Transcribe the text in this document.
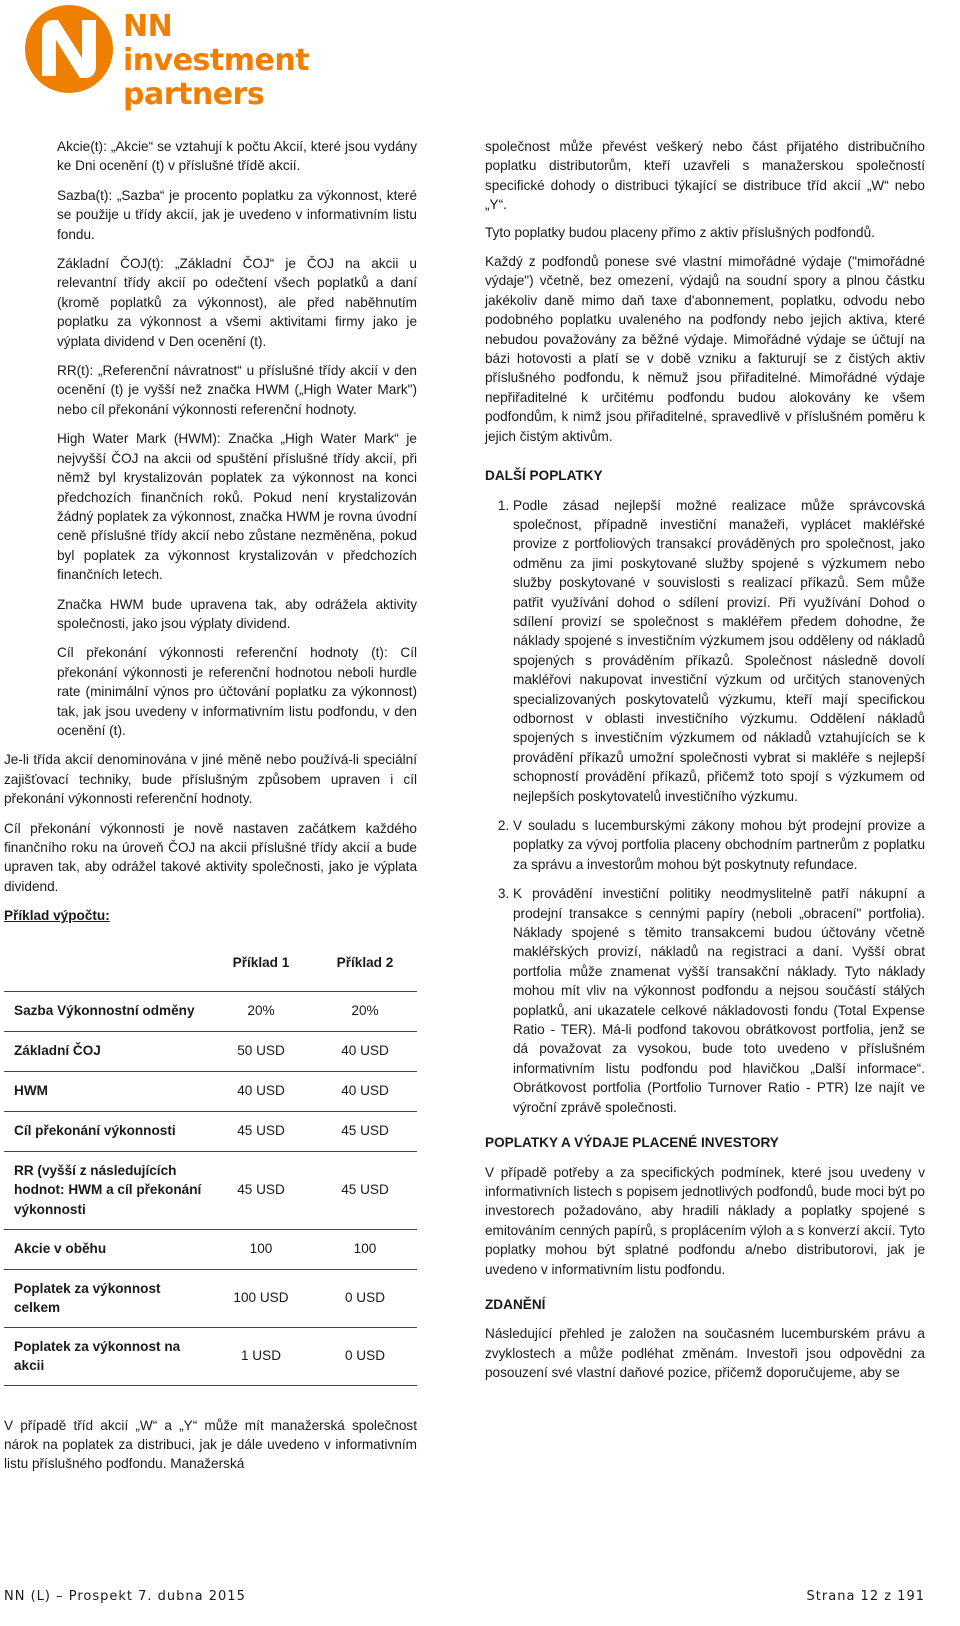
NN investment
partners

Akcie(t): „Akcie“ se vztahují k počtu Akcií, které jsou vydány ke Dni ocenění (t) v příslušné třídě akcií.

Sazba(t): „Sazba“ je procento poplatku za výkonnost, které se použije u třídy akcií, jak je uvedeno v informativním listu fondu.

Základní ČOJ(t): „Základní ČOJ“ je ČOJ na akcii u relevantní třídy akcií po odečtení všech poplatků a daní (kromě poplatků za výkonnost), ale před naběhnutím poplatku za výkonnost a všemi aktivitami firmy jako je výplata dividend v Den ocenění (t).

RR(t): „Referenční návratnost“ u příslušné třídy akcií v den ocenění (t) je vyšší než značka HWM („High Water Mark") nebo cíl překonání výkonnosti referenční hodnoty.

High Water Mark (HWM): Značka „High Water Mark“ je nejvyšší ČOJ na akcii od spuštění příslušné třídy akcií, při němž byl krystalizován poplatek za výkonnost na konci předchozích finančních roků. Pokud není krystalizován žádný poplatek za výkonnost, značka HWM je rovna úvodní ceně příslušné třídy akcií nebo zůstane nezměněna, pokud byl poplatek za výkonnost krystalizován v předchozích finančních letech.

Značka HWM bude upravena tak, aby odrážela aktivity společnosti, jako jsou výplaty dividend.

Cíl překonání výkonnosti referenční hodnoty (t): Cíl překonání výkonnosti je referenční hodnotou neboli hurdle rate (minimální výnos pro účtování poplatku za výkonnost) tak, jak jsou uvedeny v informativním listu podfondu, v den ocenění (t).

Je-li třída akcií denominována v jiné měně nebo používá-li speciální zajišťovací techniky, bude příslušným způsobem upraven i cíl překonání výkonnosti referenční hodnoty.

Cíl překonání výkonnosti je nově nastaven začátkem každého finančního roku na úroveň ČOJ na akcii příslušné třídy akcií a bude upraven tak, aby odrážel takové aktivity společnosti, jako je výplata dividend.

Příklad výpočtu:

	Příklad 1	Příklad 2
Sazba Výkonnostní odměny	20%	20%
Základní ČOJ	50 USD	40 USD
HWM	40 USD	40 USD
Cíl překonání výkonnosti	45 USD	45 USD
RR (vyšší z následujících hodnot: HWM a cíl překonání výkonnosti	45 USD	45 USD
Akcie v oběhu	100	100
Poplatek za výkonnost celkem	100 USD	0 USD
Poplatek za výkonnost na akcii	1 USD	0 USD

V případě tříd akcií „W“ a „Y“ může mít manažerská společnost nárok na poplatek za distribuci, jak je dále uvedeno v informativním listu příslušného podfondu. Manažerská

společnost může převést veškerý nebo část přijatého distribučního poplatku distributorům, kteří uzavřeli s manažerskou společností specifické dohody o distribuci týkající se distribuce tříd akcií „W“ nebo „Y“.

Tyto poplatky budou placeny přímo z aktiv příslušných podfondů.

Každý z podfondů ponese své vlastní mimořádné výdaje ("mimořádné výdaje") včetně, bez omezení, výdajů na soudní spory a plnou částku jakékoliv daně mimo daň taxe d'abonnement, poplatku, odvodu nebo podobného poplatku uvaleného na podfondy nebo jejich aktiva, které nebudou považovány za běžné výdaje. Mimořádné výdaje se účtují na bázi hotovosti a platí se v době vzniku a fakturují se z čistých aktiv příslušného podfondu, k němuž jsou přiřaditelné. Mimořádné výdaje nepřiřaditelné k určitému podfondu budou alokovány ke všem podfondům, k nimž jsou přiřaditelné, spravedlivě v příslušném poměru k jejich čistým aktivům.

DALŠÍ POPLATKY

1. Podle zásad nejlepší možné realizace může správcovská společnost, případně investiční manažeři, vyplácet makléřské provize z portfoliových transakcí prováděných pro společnost, jako odměnu za jimi poskytované služby spojené s výzkumem nebo služby poskytované v souvislosti s realizací příkazů. Sem může patřit využívání dohod o sdílení provizí. Při využívání Dohod o sdílení provizí se společnost s makléřem předem dohodne, že náklady spojené s investičním výzkumem jsou odděleny od nákladů spojených s prováděním příkazů. Společnost následně dovolí makléřovi nakupovat investiční výzkum od určitých stanovených specializovaných poskytovatelů výzkumu, kteří mají specifickou odbornost v oblasti investičního výzkumu. Oddělení nákladů spojených s investičním výzkumem od nákladů vztahujících se k provádění příkazů umožní společnosti vybrat si makléře s nejlepší schopností provádění příkazů, přičemž toto spojí s výzkumem od nejlepších poskytovatelů investičního výzkumu.
2. V souladu s lucemburskými zákony mohou být prodejní provize a poplatky za vývoj portfolia placeny obchodním partnerům z poplatku za správu a investorům mohou být poskytnuty refundace.
3. K provádění investiční politiky neodmyslitelně patří nákupní a prodejní transakce s cennými papíry (neboli „obracení" portfolia). Náklady spojené s těmito transakcemi budou účtovány včetně makléřských provizí, nákladů na registraci a daní. Vyšší obrat portfolia může znamenat vyšší transakční náklady. Tyto náklady mohou mít vliv na výkonnost podfondu a nejsou součástí stálých poplatků, ani ukazatele celkové nákladovosti fondu (Total Expense Ratio - TER). Má-li podfond takovou obrátkovost portfolia, jenž se dá považovat za vysokou, bude toto uvedeno v příslušném informativním listu podfondu pod hlavičkou „Další informace“. Obrátkovost portfolia (Portfolio Turnover Ratio - PTR) lze najít ve výroční zprávě společnosti.

POPLATKY A VÝDAJE PLACENÉ INVESTORY

V případě potřeby a za specifických podmínek, které jsou uvedeny v informativních listech s popisem jednotlivých podfondů, bude moci být po investorech požadováno, aby hradili náklady a poplatky spojené s emitováním cenných papírů, s proplácením výloh a s konverzí akcií. Tyto poplatky mohou být splatné podfondu a/nebo distributorovi, jak je uvedeno v informativním listu podfondu.

ZDANĚNÍ

Následující přehled je založen na současném lucemburském právu a zvyklostech a může podléhat změnám. Investoři jsou odpovědni za posouzení své vlastní daňové pozice, přičemž doporučujeme, aby se

NN (L) – Prospekt 7. dubna 2015	Strana 12 z 191
